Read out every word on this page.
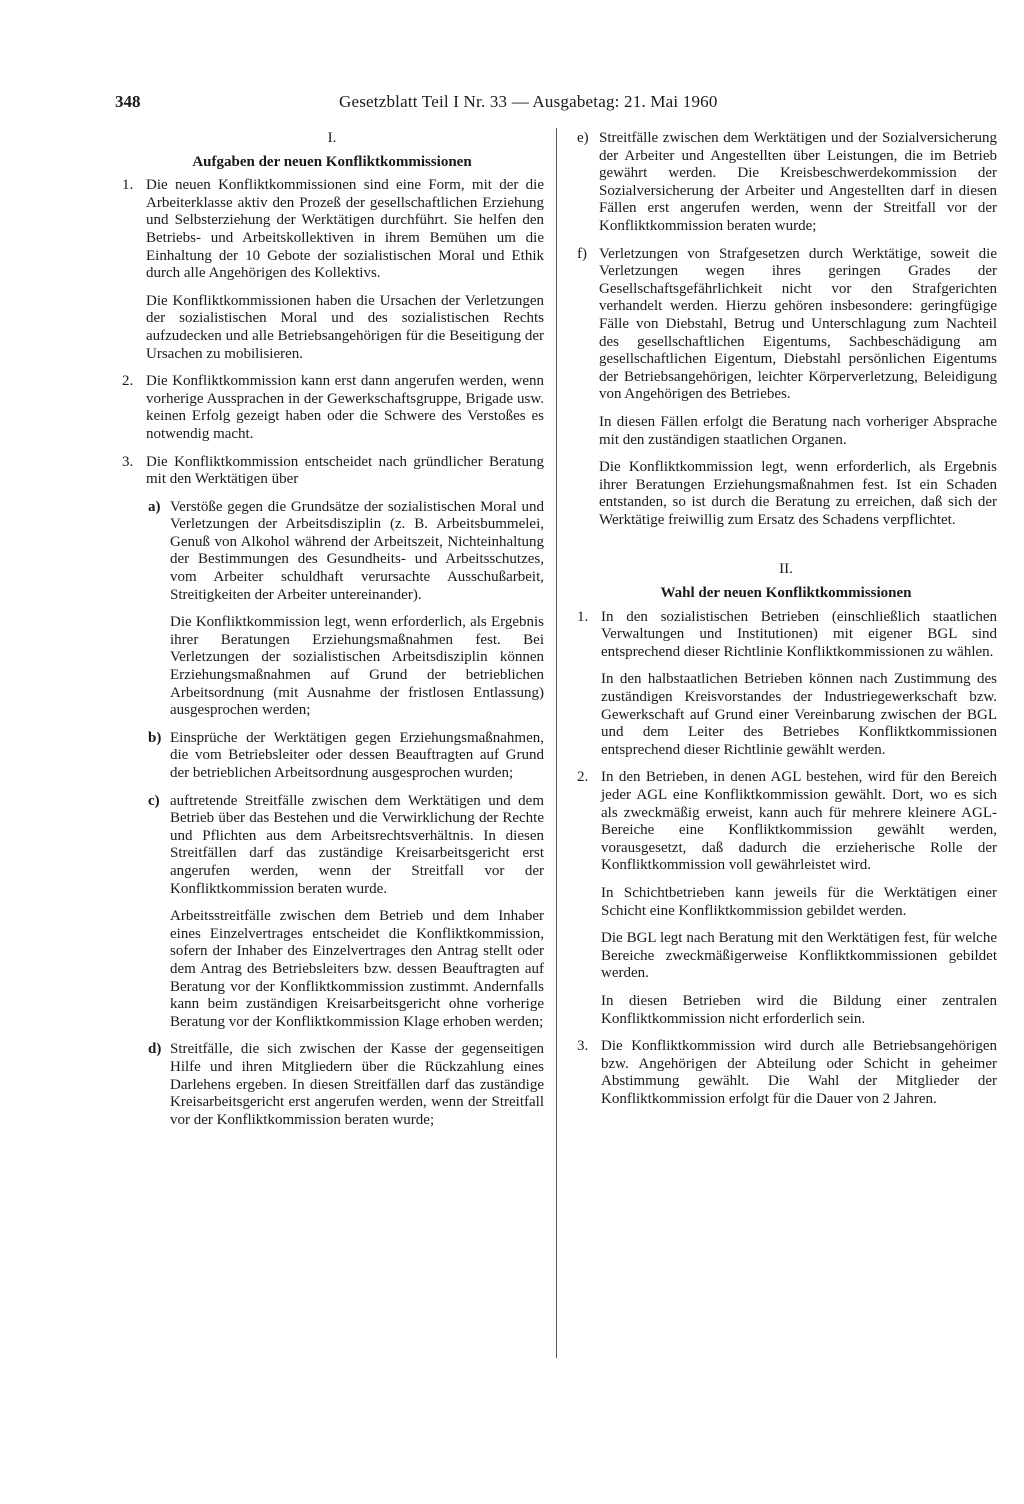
348	Gesetzblatt Teil I Nr. 33 — Ausgabetag: 21. Mai 1960
I.
Aufgaben der neuen Konfliktkommissionen
1. Die neuen Konfliktkommissionen sind eine Form, mit der die Arbeiterklasse aktiv den Prozeß der gesellschaftlichen Erziehung und Selbsterziehung der Werktätigen durchführt. Sie helfen den Betriebs- und Arbeitskollektiven in ihrem Bemühen um die Einhaltung der 10 Gebote der sozialistischen Moral und Ethik durch alle Angehörigen des Kollektivs.

Die Konfliktkommissionen haben die Ursachen der Verletzungen der sozialistischen Moral und des sozialistischen Rechts aufzudecken und alle Betriebsangehörigen für die Beseitigung der Ursachen zu mobilisieren.

2. Die Konfliktkommission kann erst dann angerufen werden, wenn vorherige Aussprachen in der Gewerkschaftsgruppe, Brigade usw. keinen Erfolg gezeigt haben oder die Schwere des Verstoßes es notwendig macht.

3. Die Konfliktkommission entscheidet nach gründlicher Beratung mit den Werktätigen über

a) Verstöße gegen die Grundsätze der sozialistischen Moral und Verletzungen der Arbeitsdisziplin (z. B. Arbeitsbummelei, Genuß von Alkohol während der Arbeitszeit, Nichteinhaltung der Bestimmungen des Gesundheits- und Arbeitsschutzes, vom Arbeiter schuldhaft verursachte Ausschußarbeit, Streitigkeiten der Arbeiter untereinander).

Die Konfliktkommission legt, wenn erforderlich, als Ergebnis ihrer Beratungen Erziehungsmaßnahmen fest. Bei Verletzungen der sozialistischen Arbeitsdisziplin können Erziehungsmaßnahmen auf Grund der betrieblichen Arbeitsordnung (mit Ausnahme der fristlosen Entlassung) ausgesprochen werden;

b) Einsprüche der Werktätigen gegen Erziehungsmaßnahmen, die vom Betriebsleiter oder dessen Beauftragten auf Grund der betrieblichen Arbeitsordnung ausgesprochen wurden;

c) auftretende Streitfälle zwischen dem Werktätigen und dem Betrieb über das Bestehen und die Verwirklichung der Rechte und Pflichten aus dem Arbeitsrechtsverhältnis. In diesen Streitfällen darf das zuständige Kreisarbeitsgericht erst angerufen werden, wenn der Streitfall vor der Konfliktkommission beraten wurde.

Arbeitsstreitfälle zwischen dem Betrieb und dem Inhaber eines Einzelvertrages entscheidet die Konfliktkommission, sofern der Inhaber des Einzelvertrages den Antrag stellt oder dem Antrag des Betriebsleiters bzw. dessen Beauftragten auf Beratung vor der Konfliktkommission zustimmt. Andernfalls kann beim zuständigen Kreisarbeitsgericht ohne vorherige Beratung vor der Konfliktkommission Klage erhoben werden;

d) Streitfälle, die sich zwischen der Kasse der gegenseitigen Hilfe und ihren Mitgliedern über die Rückzahlung eines Darlehens ergeben. In diesen Streitfällen darf das zuständige Kreisarbeitsgericht erst angerufen werden, wenn der Streitfall vor der Konfliktkommission beraten wurde;

e) Streitfälle zwischen dem Werktätigen und der Sozialversicherung der Arbeiter und Angestellten über Leistungen, die im Betrieb gewährt werden. Die Kreisbeschwerdekommission der Sozialversicherung der Arbeiter und Angestellten darf in diesen Fällen erst angerufen werden, wenn der Streitfall vor der Konfliktkommission beraten wurde;

f) Verletzungen von Strafgesetzen durch Werktätige, soweit die Verletzungen wegen ihres geringen Grades der Gesellschaftsgefährlichkeit nicht vor den Strafgerichten verhandelt werden. Hierzu gehören insbesondere: geringfügige Fälle von Diebstahl, Betrug und Unterschlagung zum Nachteil des gesellschaftlichen Eigentums, Sachbeschädigung am gesellschaftlichen Eigentum, Diebstahl persönlichen Eigentums der Betriebsangehörigen, leichter Körperverletzung, Beleidigung von Angehörigen des Betriebes.

In diesen Fällen erfolgt die Beratung nach vorheriger Absprache mit den zuständigen staatlichen Organen.

Die Konfliktkommission legt, wenn erforderlich, als Ergebnis ihrer Beratungen Erziehungsmaßnahmen fest. Ist ein Schaden entstanden, so ist durch die Beratung zu erreichen, daß sich der Werktätige freiwillig zum Ersatz des Schadens verpflichtet.

II.
Wahl der neuen Konfliktkommissionen
1. In den sozialistischen Betrieben (einschließlich staatlichen Verwaltungen und Institutionen) mit eigener BGL sind entsprechend dieser Richtlinie Konfliktkommissionen zu wählen.

In den halbstaatlichen Betrieben können nach Zustimmung des zuständigen Kreisvorstandes der Industriegewerkschaft bzw. Gewerkschaft auf Grund einer Vereinbarung zwischen der BGL und dem Leiter des Betriebes Konfliktkommissionen entsprechend dieser Richtlinie gewählt werden.

2. In den Betrieben, in denen AGL bestehen, wird für den Bereich jeder AGL eine Konfliktkommission gewählt. Dort, wo es sich als zweckmäßig erweist, kann auch für mehrere kleinere AGL-Bereiche eine Konfliktkommission gewählt werden, vorausgesetzt, daß dadurch die erzieherische Rolle der Konfliktkommission voll gewährleistet wird.

In Schichtbetrieben kann jeweils für die Werktätigen einer Schicht eine Konfliktkommission gebildet werden.

Die BGL legt nach Beratung mit den Werktätigen fest, für welche Bereiche zweckmäßigerweise Konfliktkommissionen gebildet werden.

In diesen Betrieben wird die Bildung einer zentralen Konfliktkommission nicht erforderlich sein.

3. Die Konfliktkommission wird durch alle Betriebsangehörigen bzw. Angehörigen der Abteilung oder Schicht in geheimer Abstimmung gewählt. Die Wahl der Mitglieder der Konfliktkommission erfolgt für die Dauer von 2 Jahren.
